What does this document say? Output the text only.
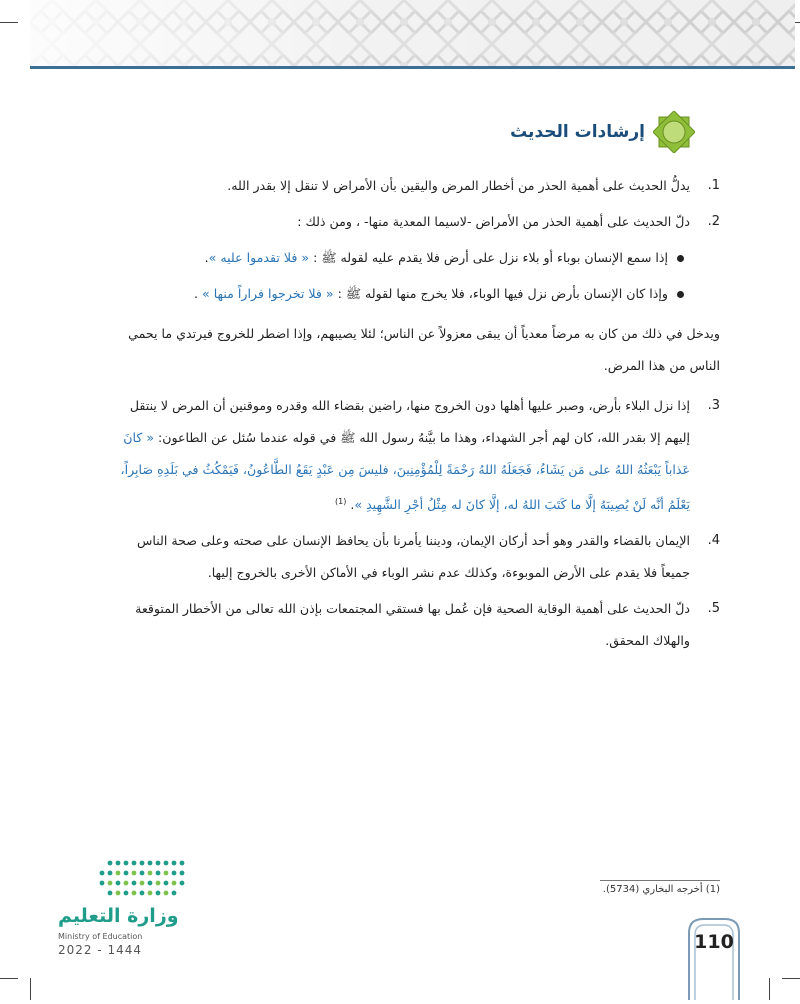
إرشادات الحديث
.1
يدلُّ الحديث على أهمية الحذر من أخطار المرض واليقين بأن الأمراض لا تنقل إلا بقدر الله.
.2
دلّ الحديث على أهمية الحذر من الأمراض -لاسيما المعدية منها- ، ومن ذلك :
إذا سمع الإنسان بوباء أو بلاء نزل على أرض فلا يقدم عليه لقوله ﷺ : « فلا تقدموا عليه ».
وإذا كان الإنسان بأرض نزل فيها الوباء، فلا يخرج منها لقوله ﷺ : « فلا تخرجوا فراراً منها » .
ويدخل في ذلك من كان به مرضاً معدياً أن يبقى معزولاً عن الناس؛ لئلا يصيبهم، وإذا اضطر للخروج فيرتدي ما يحمي الناس من هذا المرض.
.3
إذا نزل البلاء بأرض، وصبر عليها أهلها دون الخروج منها، راضين بقضاء الله وقدره وموقنين أن المرض لا ينتقل إليهم إلا بقدر الله، كان لهم أجر الشهداء، وهذا ما بيَّنهُ رسول الله ﷺ في قوله عندما سُئل عن الطاعون: « كانَ عَذاباً يَبْعَثُهُ اللهُ على مَن يَشَاءُ، فَجَعَلَهُ اللهُ رَحْمَةً لِلْمُؤْمِنِينَ، فليسَ مِن عَبْدٍ يَقَعُ الطَّاعُونُ، فَيَمْكُثُ في بَلَدِهِ صَابِراً، يَعْلَمُ أنَّه لَنْ يُصِيبَهُ إلَّا ما كَتَبَ اللهُ له، إلَّا كانَ له مِثْلُ أجْرِ الشَّهِيدِ ». $^{(1)}$
.4
الإيمان بالقضاء والقدر وهو أحد أركان الإيمان، وديننا يأمرنا بأن يحافظ الإنسان على صحته وعلى صحة الناس جميعاً فلا يقدم على الأرض الموبوءة، وكذلك عدم نشر الوباء في الأماكن الأخرى بالخروج إليها.
.5
دلّ الحديث على أهمية الوقاية الصحية فإن عُمل بها فستقي المجتمعات بإذن الله تعالى من الأخطار المتوقعة والهلاك المحقق.
(1) أخرجه البخاري (5734).
وزارة التعليم
Ministry of Education
2022 - 1444	110
